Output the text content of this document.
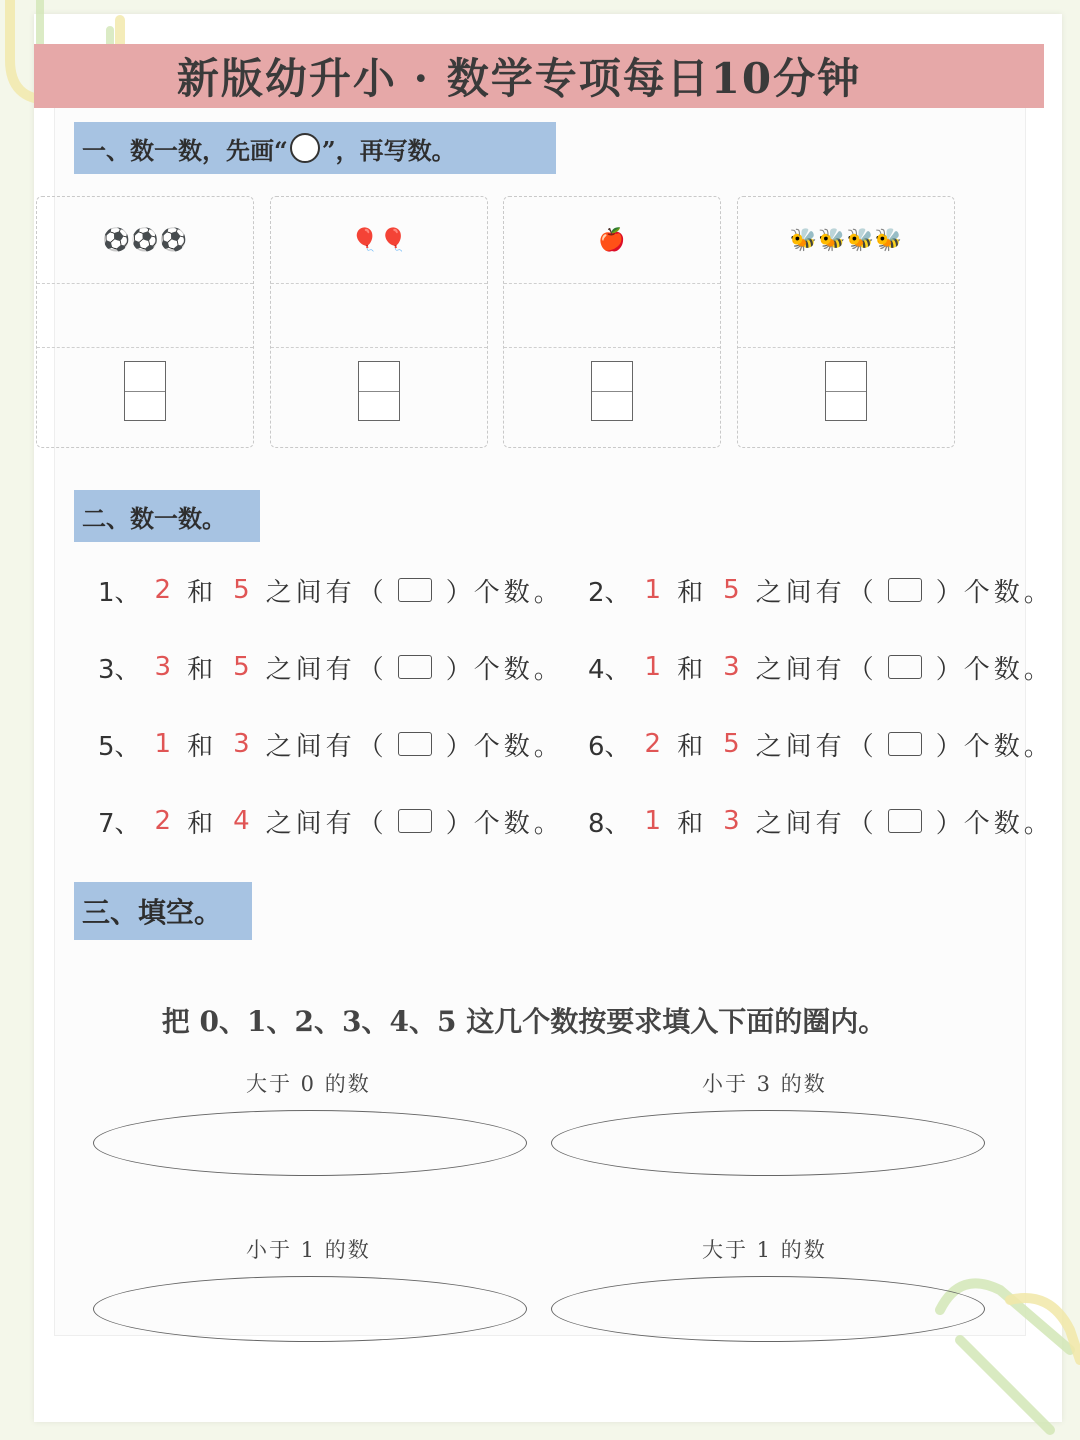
新版幼升小 · 数学专项每日10分钟
一、数一数，先画“ ”，再写数。
⚽ ⚽ ⚽	🎈 🎈	🍎	🐝 🐝 🐝 🐝
二、数一数。
1、 2 和 5 之间有 （ ） 个数。 2、 1 和 5 之间有 （ ） 个数。
3、 3 和 5 之间有 （ ） 个数。 4、 1 和 3 之间有 （ ） 个数。
5、 1 和 3 之间有 （ ） 个数。 6、 2 和 5 之间有 （ ） 个数。
7、 2 和 4 之间有 （ ） 个数。 8、 1 和 3 之间有 （ ） 个数。
三、填空。
把 0、1、2、3、4、5 这几个数按要求填入下面的圈内。
大于 0 的数	小于 3 的数
小于 1 的数	大于 1 的数
